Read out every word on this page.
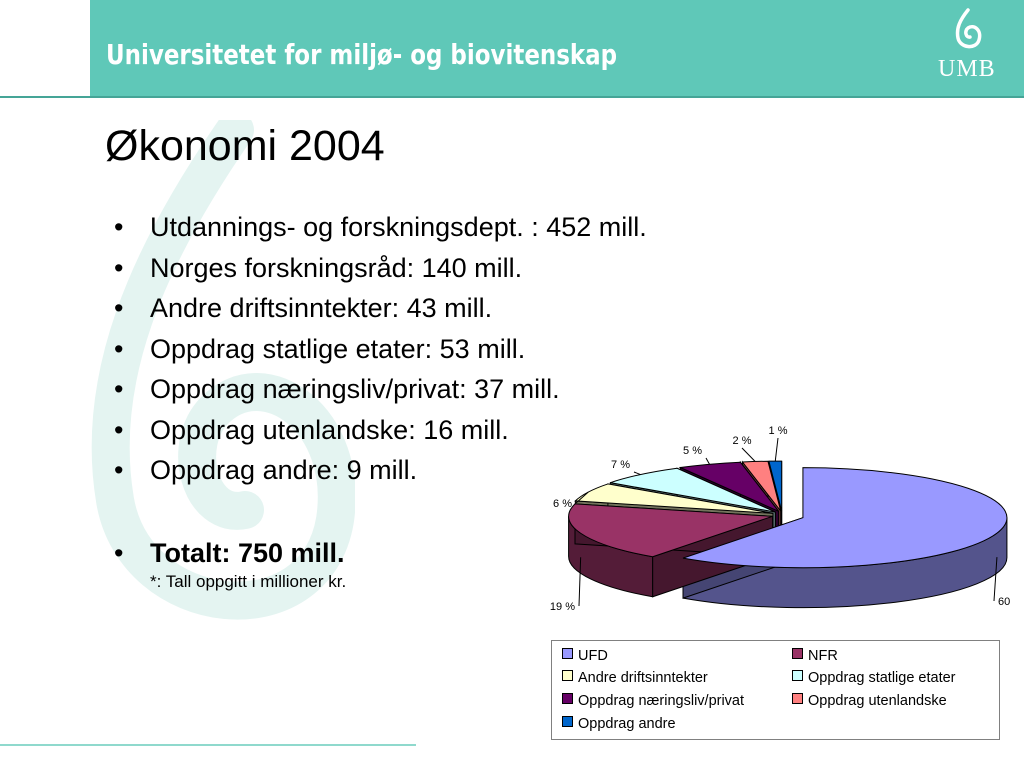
Universitetet for miljø- og biovitenskap	UMB
Økonomi 2004
• Utdannings- og forskningsdept. : 452 mill.
• Norges forskningsråd: 140 mill.
• Andre driftsinntekter: 43 mill.
• Oppdrag statlige etater: 53 mill.
• Oppdrag næringsliv/privat: 37 mill.
• Oppdrag utenlandske: 16 mill.
• Oppdrag andre: 9 mill.
• Totalt: 750 mill.
*: Tall oppgitt i millioner kr.
60
19 %
6 %
7 %
5 %
2 %
1 %
UFD	NFR
Andre driftsinntekter	Oppdrag statlige etater
Oppdrag næringsliv/privat	Oppdrag utenlandske
Oppdrag andre
